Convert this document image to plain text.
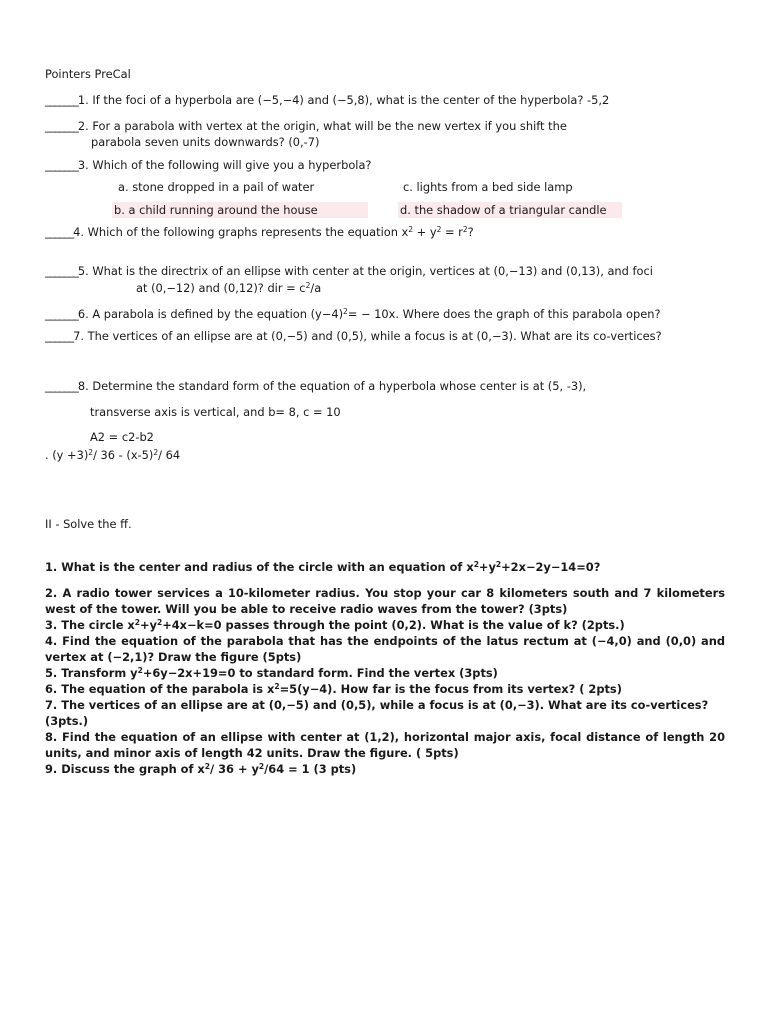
Pointers PreCal
_______1. If the foci of a hyperbola are (−5,−4) and (−5,8), what is the center of the hyperbola? -5,2
_______2. For a parabola with vertex at the origin, what will be the new vertex if you shift the
parabola seven units downwards? (0,-7)
_______3. Which of the following will give you a hyperbola?
a. stone dropped in a pail of water	c. lights from a bed side lamp
b. a child running around the house	d. the shadow of a triangular candle
______4. Which of the following graphs represents the equation $x^2 + y^2 = r^2$?
_______5. What is the directrix of an ellipse with center at the origin, vertices at (0,−13) and (0,13), and foci
at (0,−12) and (0,12)? dir = $c^2/a$
_______6. A parabola is defined by the equation $(y-4)^2= - 10x$. Where does the graph of this parabola open?
______7. The vertices of an ellipse are at (0,−5) and (0,5), while a focus is at (0,−3). What are its co-vertices?
_______8. Determine the standard form of the equation of a hyperbola whose center is at (5, -3),
transverse axis is vertical, and b= 8, c = 10
A2 = c2-b2
. $(y +3)^2/$ $36 - (x-5)^2/$ 64
II - Solve the ff.

1. What is the center and radius of the circle with an equation of $x^2+y^2+2x-2y-14=0$?

2. A radio tower services a 10-kilometer radius. You stop your car 8 kilometers south and 7 kilometers west of the tower. Will you be able to receive radio waves from the tower? (3pts)

3. The circle $x^2+y^2+4x-k=0$ passes through the point (0,2). What is the value of k? (2pts.)

4. Find the equation of the parabola that has the endpoints of the latus rectum at (−4,0) and (0,0) and vertex at (−2,1)? Draw the figure (5pts)

5. Transform $y^2+6y-2x+19=0$ to standard form. Find the vertex (3pts)

6. The equation of the parabola is $x^2=5(y-4)$. How far is the focus from its vertex? ( 2pts)

7. The vertices of an ellipse are at (0,−5) and (0,5), while a focus is at (0,−3). What are its co-vertices? (3pts.)

8. Find the equation of an ellipse with center at (1,2), horizontal major axis, focal distance of length 20 units, and minor axis of length 42 units. Draw the figure. ( 5pts)

9. Discuss the graph of $x^2/$ $36 + y^2/64 = 1$ (3 pts)
